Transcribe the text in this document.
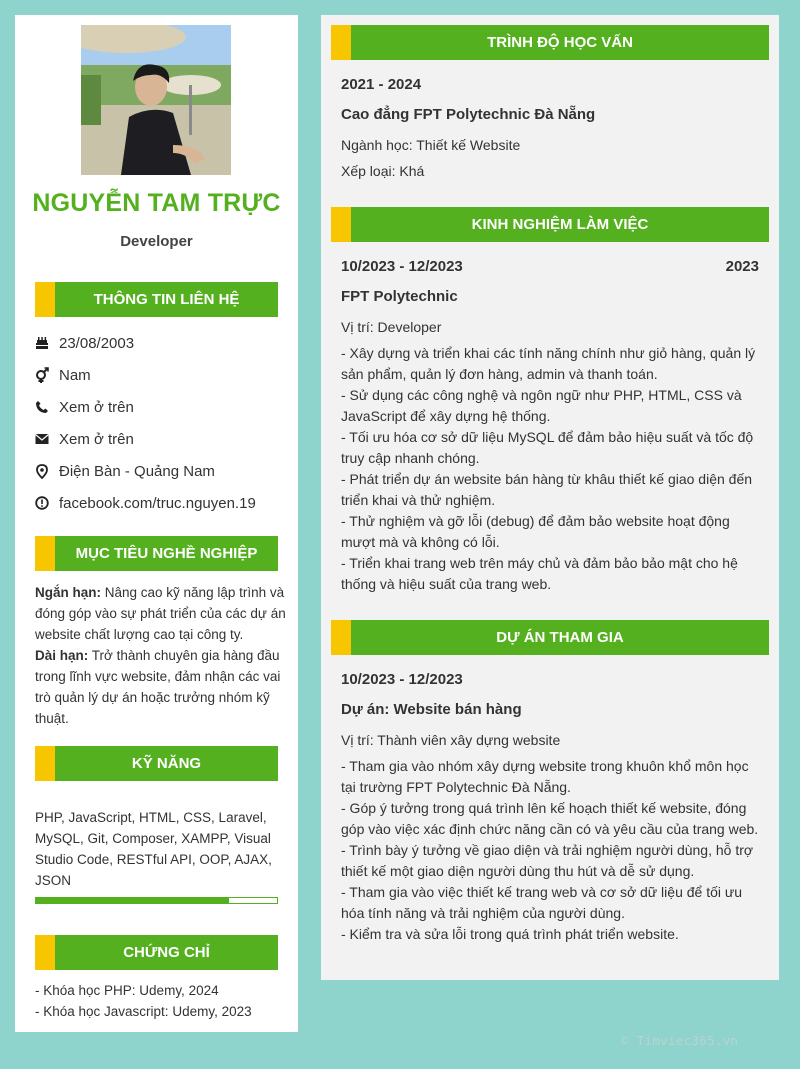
NGUYỄN TAM TRỰC
Developer
THÔNG TIN LIÊN HỆ
23/08/2003
Nam
Xem ở trên
Xem ở trên
Điện Bàn - Quảng Nam
facebook.com/truc.nguyen.19
MỤC TIÊU NGHỀ NGHIỆP
Ngắn hạn: Nâng cao kỹ năng lập trình và đóng góp vào sự phát triển của các dự án website chất lượng cao tại công ty.
Dài hạn: Trở thành chuyên gia hàng đầu trong lĩnh vực website, đảm nhận các vai trò quản lý dự án hoặc trưởng nhóm kỹ thuật.
KỸ NĂNG
PHP, JavaScript, HTML, CSS, Laravel, MySQL, Git, Composer, XAMPP, Visual Studio Code, RESTful API, OOP, AJAX, JSON
CHỨNG CHỈ
- Khóa học PHP: Udemy, 2024
- Khóa học Javascript: Udemy, 2023
TRÌNH ĐỘ HỌC VẤN
2021 - 2024
Cao đẳng FPT Polytechnic Đà Nẵng
Ngành học: Thiết kế Website
Xếp loại: Khá
KINH NGHIỆM LÀM VIỆC
10/2023 - 12/2023	2023
FPT Polytechnic
Vị trí: Developer
- Xây dựng và triển khai các tính năng chính như giỏ hàng, quản lý
sản phẩm, quản lý đơn hàng, admin và thanh toán.
- Sử dụng các công nghệ và ngôn ngữ như PHP, HTML, CSS và
JavaScript để xây dựng hệ thống.
- Tối ưu hóa cơ sở dữ liệu MySQL để đảm bảo hiệu suất và tốc độ
truy cập nhanh chóng.
- Phát triển dự án website bán hàng từ khâu thiết kế giao diện đến
triển khai và thử nghiệm.
- Thử nghiệm và gỡ lỗi (debug) để đảm bảo website hoạt động
mượt mà và không có lỗi.
- Triển khai trang web trên máy chủ và đảm bảo bảo mật cho hệ
thống và hiệu suất của trang web.
DỰ ÁN THAM GIA
10/2023 - 12/2023
Dự án: Website bán hàng
Vị trí: Thành viên xây dựng website
- Tham gia vào nhóm xây dựng website trong khuôn khổ môn học
tại trường FPT Polytechnic Đà Nẵng.
- Góp ý tưởng trong quá trình lên kế hoạch thiết kế website, đóng
góp vào việc xác định chức năng cần có và yêu cầu của trang web.
- Trình bày ý tưởng về giao diện và trải nghiệm người dùng, hỗ trợ
thiết kế một giao diện người dùng thu hút và dễ sử dụng.
- Tham gia vào việc thiết kế trang web và cơ sở dữ liệu để tối ưu
hóa tính năng và trải nghiệm của người dùng.
- Kiểm tra và sửa lỗi trong quá trình phát triển website.
© Timviec365.vn
